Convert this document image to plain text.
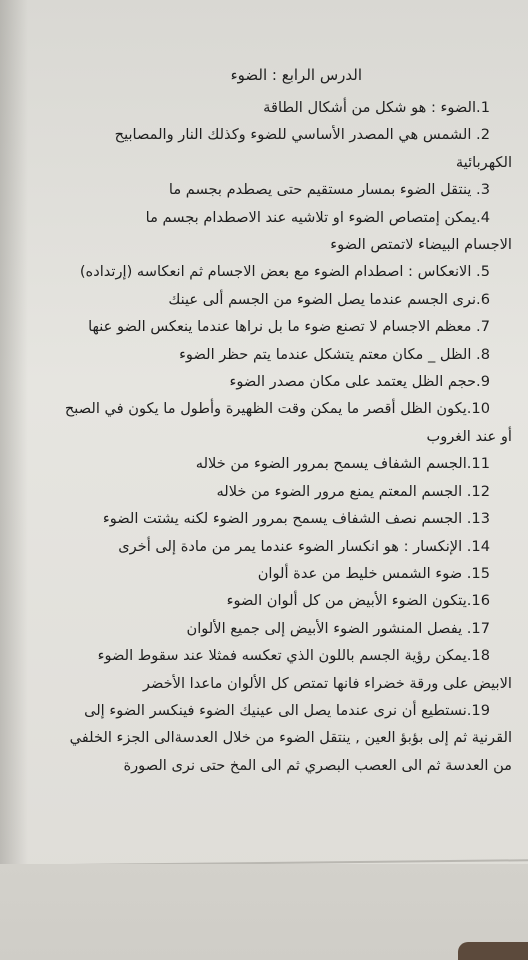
الدرس الرابع : الضوء
1.الضوء : هو شكل من أشكال الطاقة
2. الشمس هي المصدر الأساسي للضوء وكذلك النار والمصابيح
الكهربائية
3. ينتقل الضوء بمسار مستقيم حتى يصطدم بجسم ما
4.يمكن إمتصاص الضوء او تلاشيه عند الاصطدام بجسم ما
الاجسام البيضاء لاتمتص الضوء
5. الانعكاس : اصطدام الضوء مع بعض الاجسام ثم انعكاسه (إرتداده)
6.نرى الجسم عندما يصل الضوء من الجسم ألى عينك
7. معظم الاجسام لا تصنع ضوء ما بل نراها عندما ينعكس الضو عنها
8. الظل _ مكان معتم يتشكل عندما يتم حظر الضوء
9.حجم الظل يعتمد على مكان مصدر الضوء
10.يكون الظل أقصر ما يمكن وقت الظهيرة وأطول ما يكون في الصبح
أو عند الغروب
11.الجسم الشفاف يسمح بمرور الضوء من خلاله
12. الجسم المعتم يمنع مرور الضوء من خلاله
13. الجسم نصف الشفاف يسمح بمرور الضوء لكنه يشتت الضوء
14. الإنكسار : هو انكسار الضوء عندما يمر من مادة إلى أخرى
15. ضوء الشمس خليط من عدة ألوان
16.يتكون الضوء الأبيض من كل ألوان الضوء
17. يفصل المنشور الضوء الأبيض إلى جميع الألوان
18.يمكن رؤية الجسم باللون الذي تعكسه فمثلا عند سقوط الضوء
الابيض على ورقة خضراء فانها تمتص كل الألوان ماعدا الأخضر
19.نستطيع أن نرى عندما يصل الى عينيك الضوء فينكسر الضوء إلى
القرنية ثم إلى بؤبؤ العين , ينتقل الضوء من خلال العدسةالى الجزء الخلفي
من العدسة ثم الى العصب البصري ثم الى المخ حتى نرى الصورة
